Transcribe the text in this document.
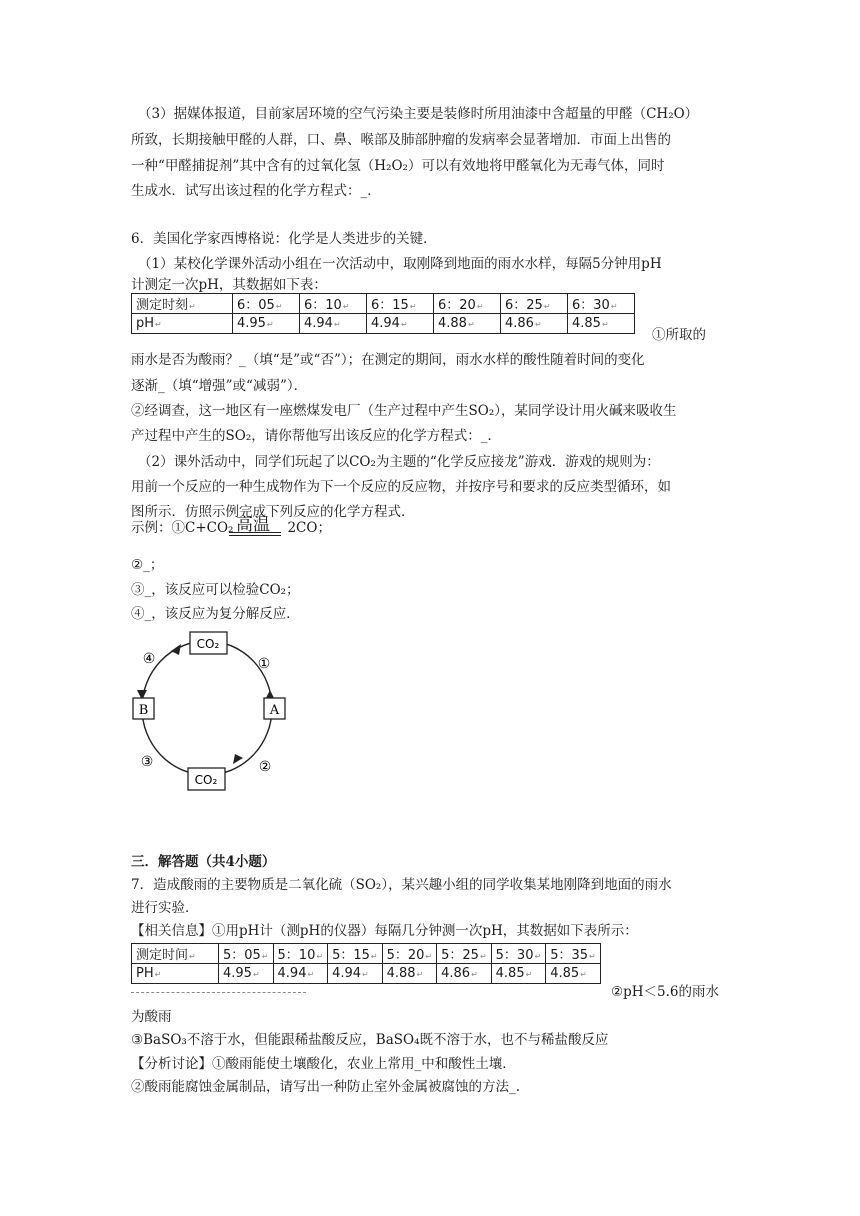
（3）据媒体报道，目前家居环境的空气污染主要是装修时所用油漆中含超量的甲醛（CH₂O）
所致，长期接触甲醛的人群，口、鼻、喉部及肺部肿瘤的发病率会显著增加．市面上出售的
一种“甲醛捕捉剂”其中含有的过氧化氢（H₂O₂）可以有效地将甲醛氧化为无毒气体，同时
生成水．试写出该过程的化学方程式：_．
6．美国化学家西博格说：化学是人类进步的关键．
（1）某校化学课外活动小组在一次活动中，取刚降到地面的雨水水样，每隔5分钟用pH
计测定一次pH，其数据如下表：
测定时刻 ↵	6：05 ↵	6：10 ↵	6：15 ↵	6：20 ↵	6：25 ↵	6：30 ↵
pH ↵	4.95 ↵	4.94 ↵	4.94 ↵	4.88 ↵	4.86 ↵	4.85 ↵
①所取的
雨水是否为酸雨？_（填“是”或“否”）；在测定的期间，雨水水样的酸性随着时间的变化
逐渐_（填“增强”或“减弱”）．
②经调查，这一地区有一座燃煤发电厂（生产过程中产生SO₂），某同学设计用火碱来吸收生
产过程中产生的SO₂，请你帮他写出该反应的化学方程式：_．
（2）课外活动中，同学们玩起了以CO₂为主题的“化学反应接龙”游戏．游戏的规则为：
用前一个反应的一种生成物作为下一个反应的反应物，并按序号和要求的反应类型循环，如
图所示．仿照示例完成下列反应的化学方程式．
示例：①C+CO₂	2CO；
高温
②_；
③_，该反应可以检验CO₂；
④_，该反应为复分解反应．
CO₂
A
B
CO₂
①
②
③
④
三．解答题（共4小题）
7．造成酸雨的主要物质是二氧化硫（SO₂），某兴趣小组的同学收集某地刚降到地面的雨水
进行实验．
【相关信息】①用pH计（测pH的仪器）每隔几分钟测一次pH，其数据如下表所示：
测定时间 ↵	5：05 ↵	5：10 ↵	5：15 ↵	5：20 ↵	5：25 ↵	5：30 ↵	5：35 ↵
PH ↵	4.95 ↵	4.94 ↵	4.94 ↵	4.88 ↵	4.86 ↵	4.85 ↵	4.85 ↵
②pH＜5.6的雨水
为酸雨
③BaSO₃不溶于水，但能跟稀盐酸反应，BaSO₄既不溶于水，也不与稀盐酸反应
【分析讨论】①酸雨能使土壤酸化，农业上常用_中和酸性土壤．
②酸雨能腐蚀金属制品，请写出一种防止室外金属被腐蚀的方法_.
